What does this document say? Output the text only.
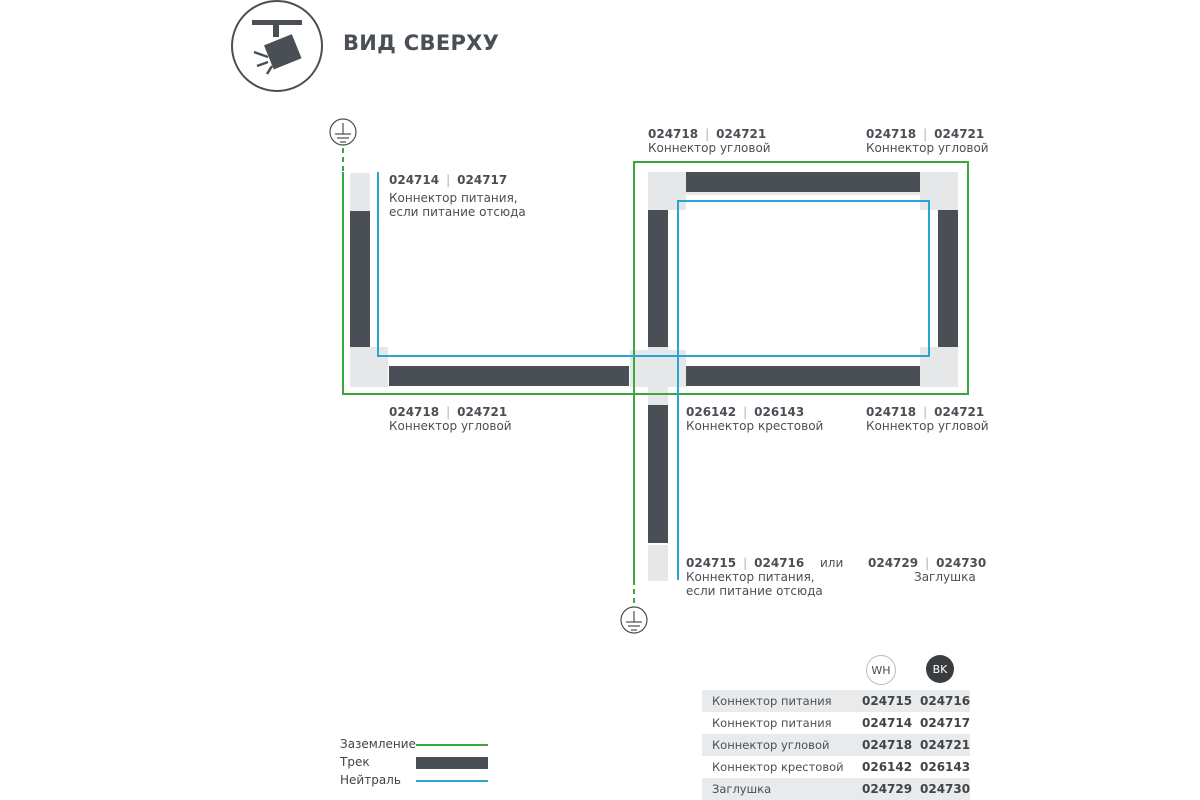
ВИД СВЕРХУ
024714 | 024717
Коннектор питания,
если питание отсюда
024718 | 024721
Коннектор угловой
024718 | 024721
Коннектор угловой
024718 | 024721
Коннектор угловой
026142 | 026143
Коннектор крестовой
024718 | 024721
Коннектор угловой
024715 | 024716
Коннектор питания,
если питание отсюда
или 024729 | 024730
Заглушка
WH	BK
Коннектор питания	024715 024716
Коннектор питания	024714 024717
Коннектор угловой	024718 024721
Коннектор крестовой	026142 026143
Заглушка	024729 024730
Заземление
Трек
Нейтраль
